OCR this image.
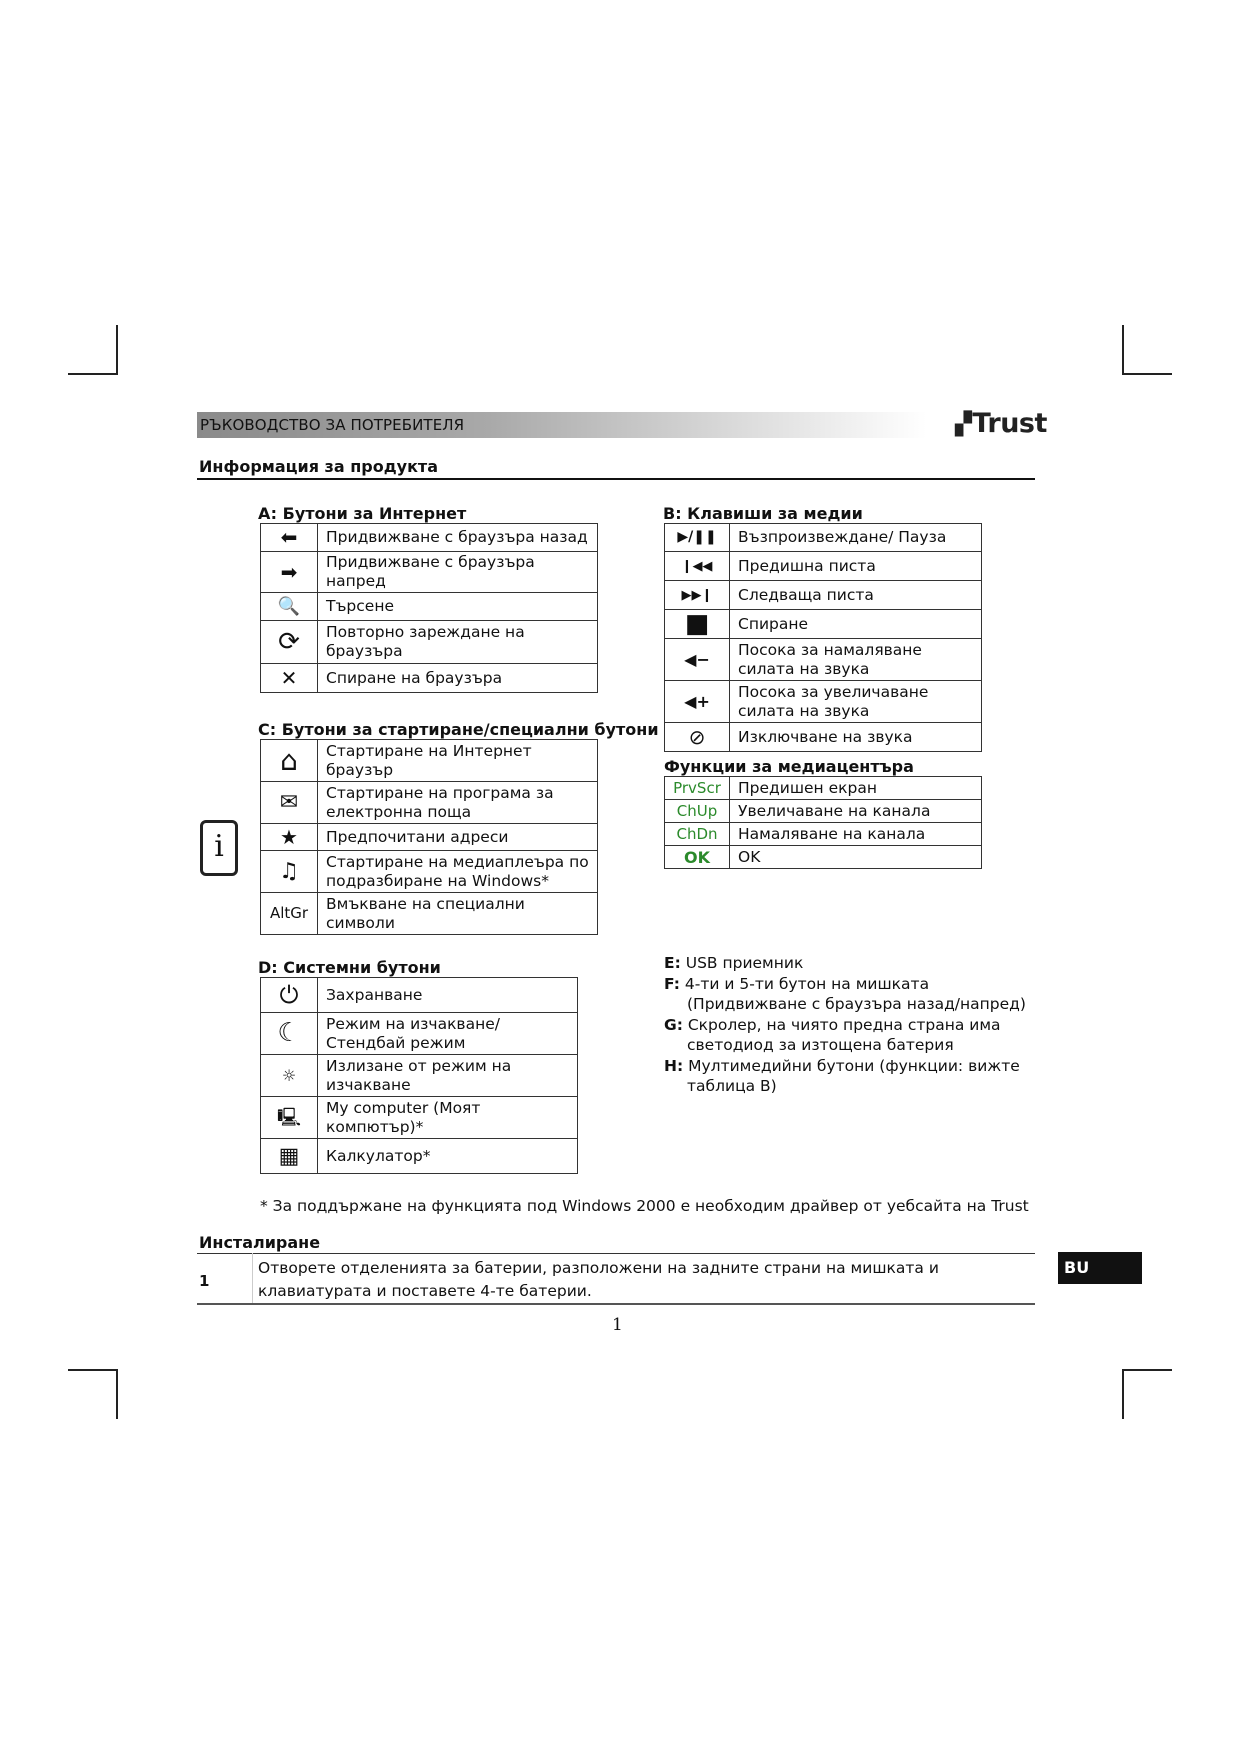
РЪКОВОДСТВО ЗА ПОТРЕБИТЕЛЯ	▞Trust
Информация за продукта
i
A: Бутони за Интернет
⬅	Придвижване с браузъра назад
➡	Придвижване с браузъра напред
🔍	Търсене
⟳	Повторно зареждане на браузъра
✕	Спиране на браузъра
B: Клавиши за медии
▶/❚❚	Възпроизвеждане/ Пауза
❙◀◀	Предишна писта
▶▶❙	Следваща писта
■	Спиране
◀−	Посока за намаляване силата на звука
◀+	Посока за увеличаване силата на звука
⊘	Изключване на звука
Функции за медиацентъра
PrvScr	Предишен екран
ChUp	Увеличаване на канала
ChDn	Намаляване на канала
OK	OK
C: Бутони за стартиране/специални бутони
⌂	Стартиране на Интернет браузър
✉	Стартиране на програма за електронна поща
★	Предпочитани адреси
♫	Стартиране на медиаплеъра по подразбиране на Windows*
AltGr	Вмъкване на специални символи
D: Системни бутони
⏻	Захранване
☾	Режим на изчакване/ Стендбай режим
☼	Излизане от режим на изчакване
🖳	My computer (Моят компютър)*
▦	Калкулатор*
E: USB приемник
F: 4-ти и 5-ти бутон на мишката
(Придвижване с браузъра назад/напред)
G: Скролер, на чиято предна страна има
светодиод за изтощена батерия
H: Мултимедийни бутони (функции: вижте
таблица B)
* За поддържане на функцията под Windows 2000 е необходим драйвер от уебсайта на Trust
Инсталиране
1
Отворете отделенията за батерии, разположени на задните страни на мишката и клавиатурата и поставете 4-те батерии.
BU
1
